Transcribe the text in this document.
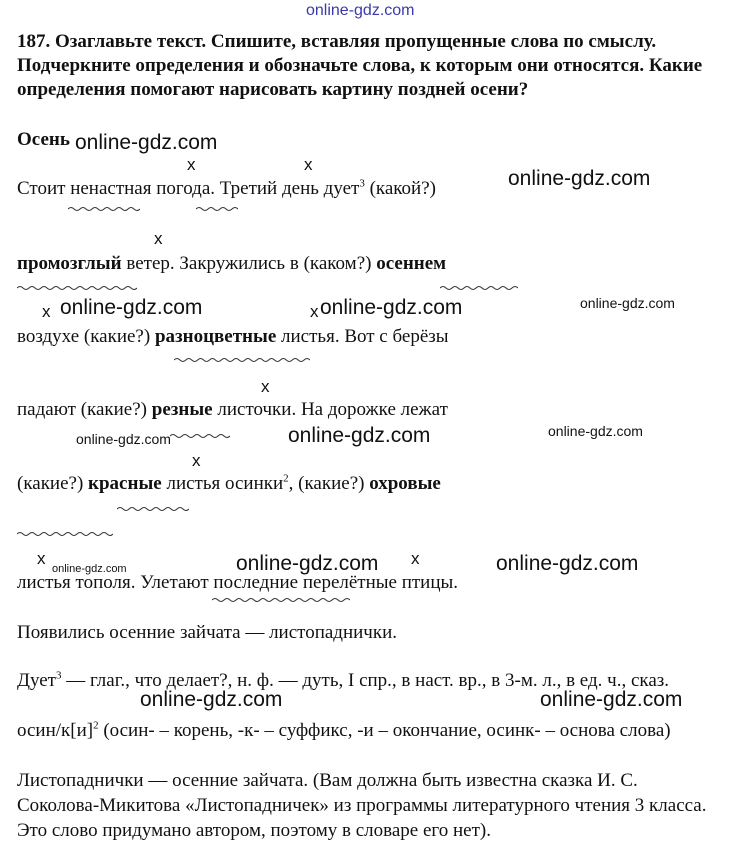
online-gdz.com
187. Озаглавьте текст. Спишите, вставляя пропущенные слова по смыслу. Подчеркните определения и обозначьте слова, к которым они относятся. Какие определения помогают нарисовать картину поздней осени?
Осень online-gdz.com
online-gdz.com
online-gdz.com	online-gdz.com	online-gdz.com
online-gdz.com	online-gdz.com	online-gdz.com
online-gdz.com	online-gdz.com	online-gdz.com
online-gdz.com	online-gdz.com
x	x
x
x	x
x
x
x	x
Стоит ненастная погода. Третий день дует$^3$ (какой?)
промозглый ветер. Закружились в (каком?) осеннем
воздухе (какие?) разноцветные листья. Вот с берёзы
падают (какие?) резные листочки. На дорожке лежат
(какие?) красные листья осинки$^2$, (какие?) охровые
листья тополя. Улетают последние перелётные птицы.
Появились осенние зайчата — листопаднички.
Дует$^3$ — глаг., что делает?, н. ф. — дуть, I спр., в наст. вр., в 3-м. л., в ед. ч., сказ.
осин/$к[и]^2$ (осин- – корень, -к- – суффикс, -и – окончание, осинк- – основа слова)
Листопаднички — осенние зайчата. (Вам должна быть известна сказка И. С. Соколова-Микитова «Листопадничек» из программы литературного чтения 3 класса. Это слово придумано автором, поэтому в словаре его нет).
